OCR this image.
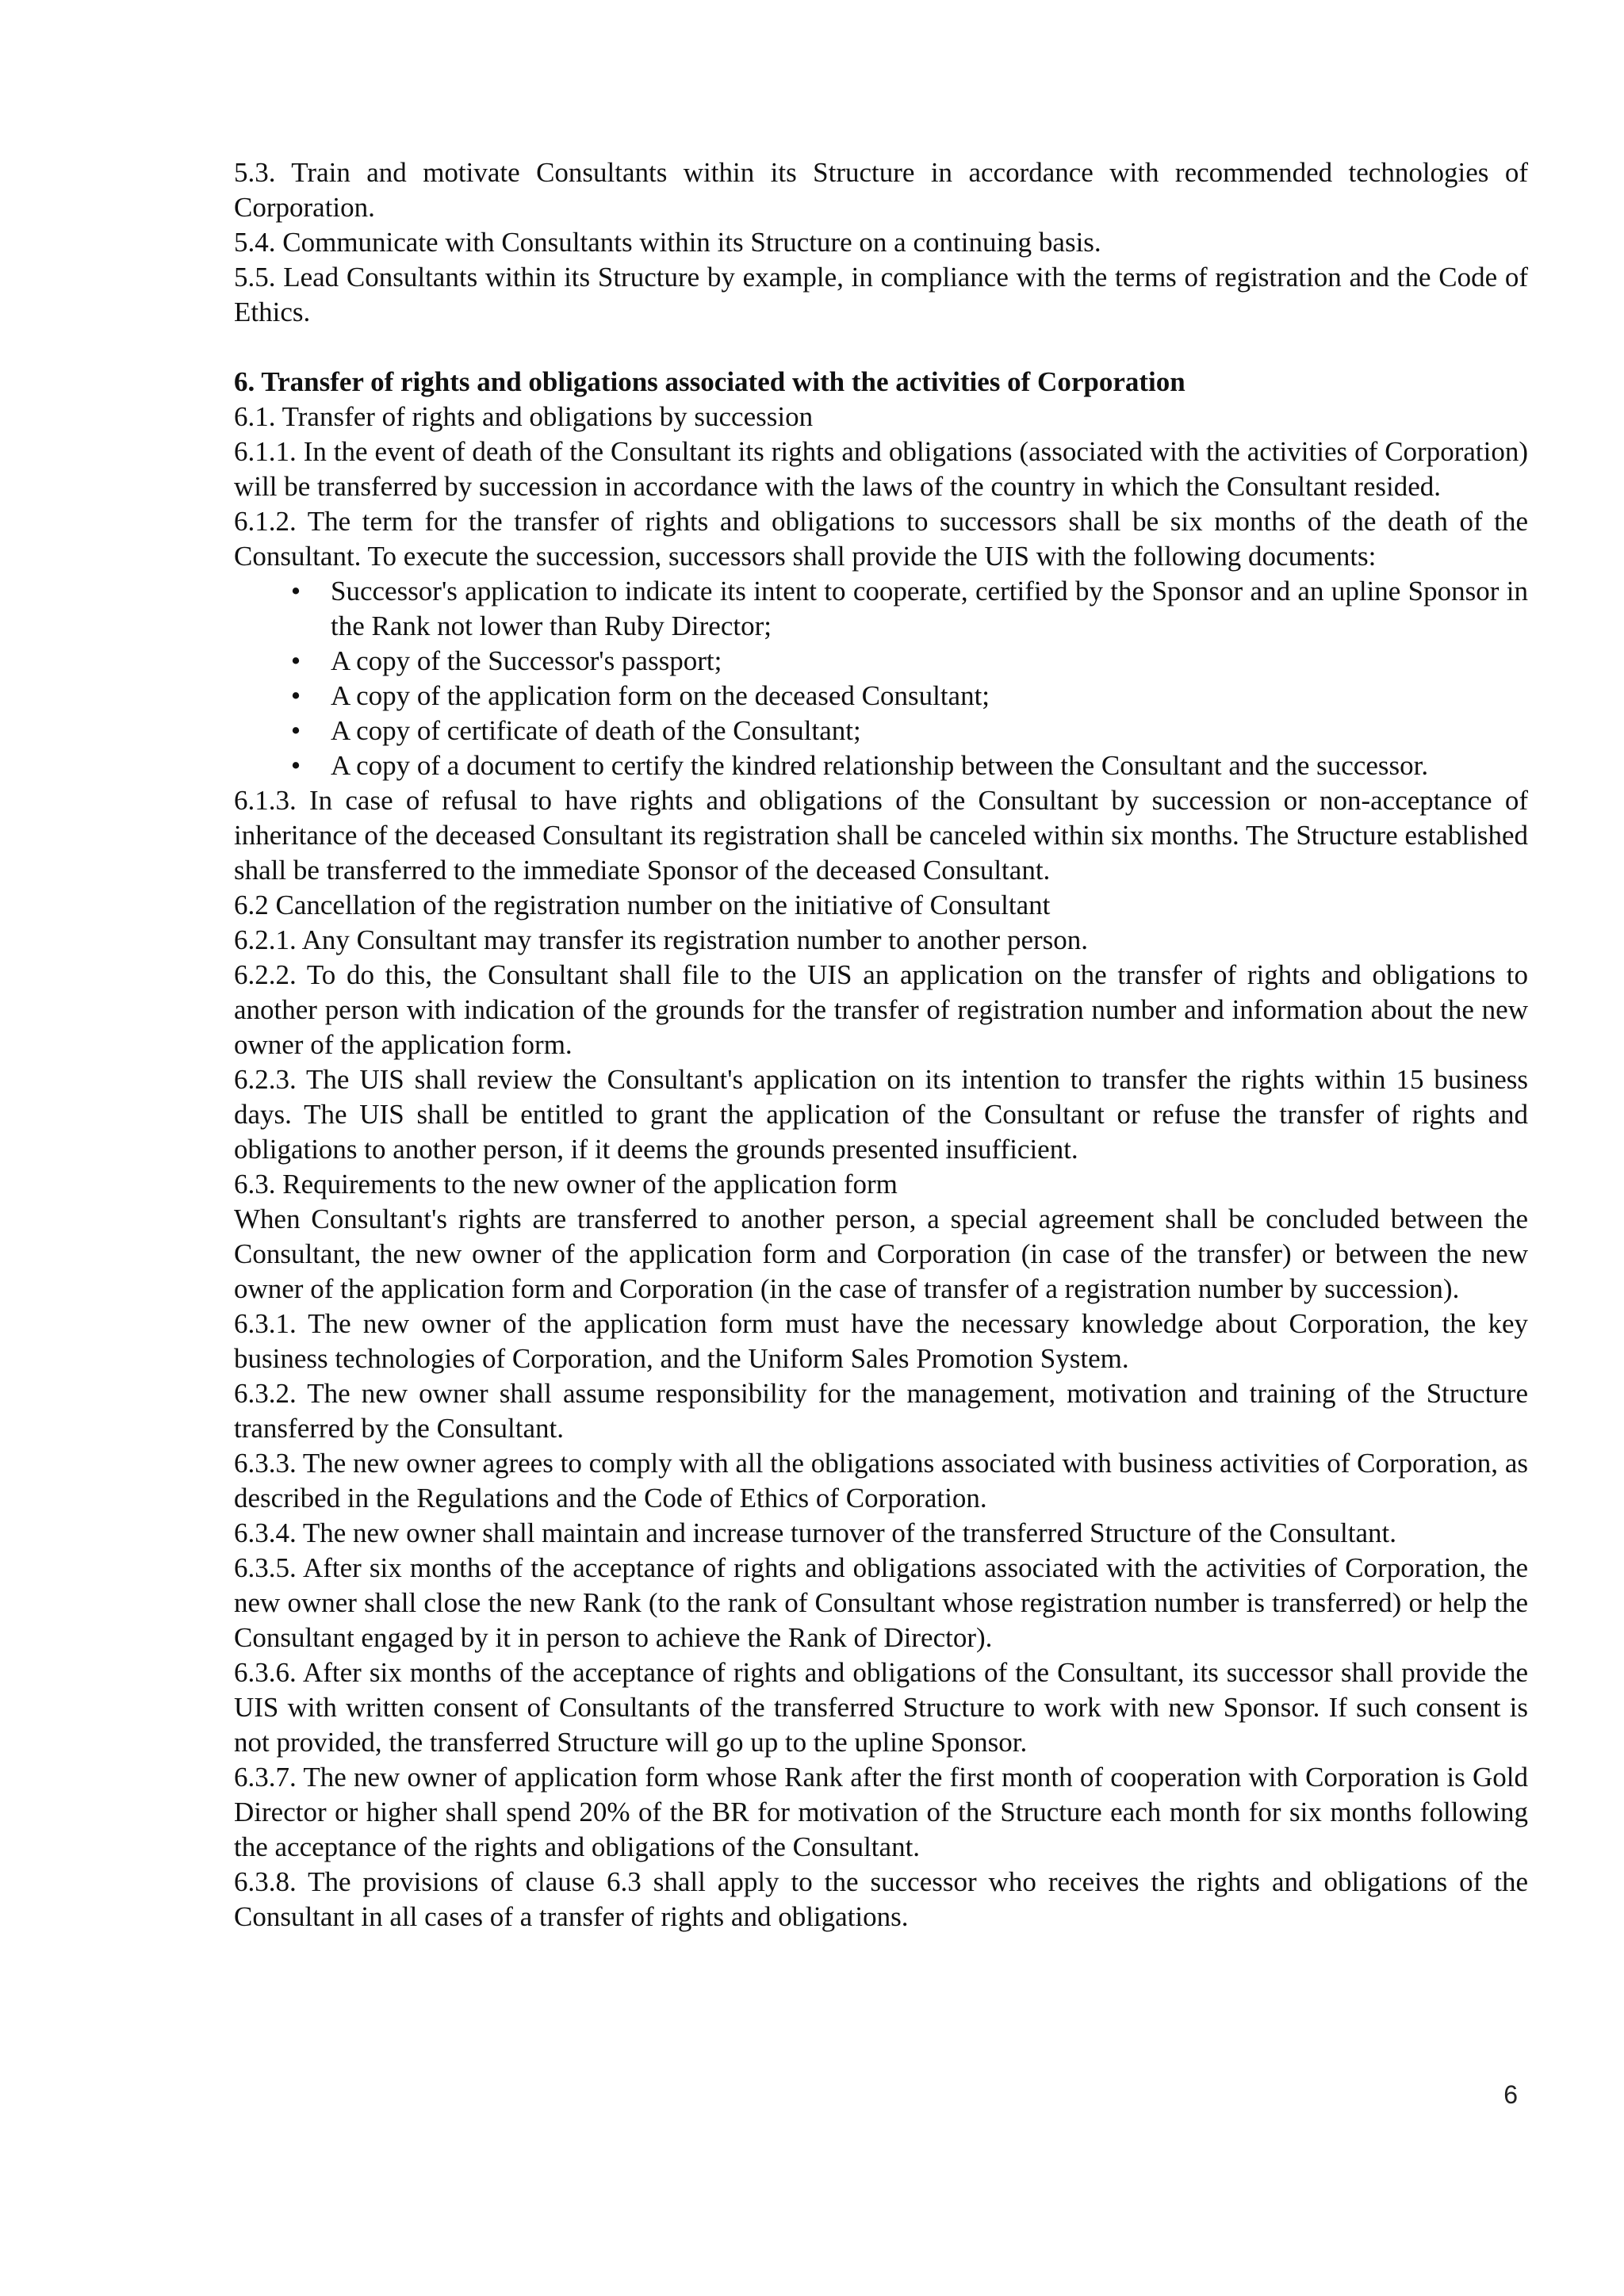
5.3. Train and motivate Consultants within its Structure in accordance with recommended technologies of Corporation.

5.4. Communicate with Consultants within its Structure on a continuing basis.

5.5. Lead Consultants within its Structure by example, in compliance with the terms of registration and the Code of Ethics.

6. Transfer of rights and obligations associated with the activities of Corporation

6.1. Transfer of rights and obligations by succession

6.1.1. In the event of death of the Consultant its rights and obligations (associated with the activities of Corporation) will be transferred by succession in accordance with the laws of the country in which the Consultant resided.

6.1.2. The term for the transfer of rights and obligations to successors shall be six months of the death of the Consultant. To execute the succession, successors shall provide the UIS with the following documents:

• Successor's application to indicate its intent to cooperate, certified by the Sponsor and an upline Sponsor in the Rank not lower than Ruby Director;
• A copy of the Successor's passport;
• A copy of the application form on the deceased Consultant;
• A copy of certificate of death of the Consultant;
• A copy of a document to certify the kindred relationship between the Consultant and the successor.

6.1.3. In case of refusal to have rights and obligations of the Consultant by succession or non-acceptance of inheritance of the deceased Consultant its registration shall be canceled within six months. The Structure established shall be transferred to the immediate Sponsor of the deceased Consultant.

6.2 Cancellation of the registration number on the initiative of Consultant

6.2.1. Any Consultant may transfer its registration number to another person.

6.2.2. To do this, the Consultant shall file to the UIS an application on the transfer of rights and obligations to another person with indication of the grounds for the transfer of registration number and information about the new owner of the application form.

6.2.3. The UIS shall review the Consultant's application on its intention to transfer the rights within 15 business days. The UIS shall be entitled to grant the application of the Consultant or refuse the transfer of rights and obligations to another person, if it deems the grounds presented insufficient.

6.3. Requirements to the new owner of the application form

When Consultant's rights are transferred to another person, a special agreement shall be concluded between the Consultant, the new owner of the application form and Corporation (in case of the transfer) or between the new owner of the application form and Corporation (in the case of transfer of a registration number by succession).

6.3.1. The new owner of the application form must have the necessary knowledge about Corporation, the key business technologies of Corporation, and the Uniform Sales Promotion System.

6.3.2. The new owner shall assume responsibility for the management, motivation and training of the Structure transferred by the Consultant.

6.3.3. The new owner agrees to comply with all the obligations associated with business activities of Corporation, as described in the Regulations and the Code of Ethics of Corporation.

6.3.4. The new owner shall maintain and increase turnover of the transferred Structure of the Consultant.

6.3.5. After six months of the acceptance of rights and obligations associated with the activities of Corporation, the new owner shall close the new Rank (to the rank of Consultant whose registration number is transferred) or help the Consultant engaged by it in person to achieve the Rank of Director).

6.3.6. After six months of the acceptance of rights and obligations of the Consultant, its successor shall provide the UIS with written consent of Consultants of the transferred Structure to work with new Sponsor. If such consent is not provided, the transferred Structure will go up to the upline Sponsor.

6.3.7. The new owner of application form whose Rank after the first month of cooperation with Corporation is Gold Director or higher shall spend 20% of the BR for motivation of the Structure each month for six months following the acceptance of the rights and obligations of the Consultant.

6.3.8. The provisions of clause 6.3 shall apply to the successor who receives the rights and obligations of the Consultant in all cases of a transfer of rights and obligations.

6
